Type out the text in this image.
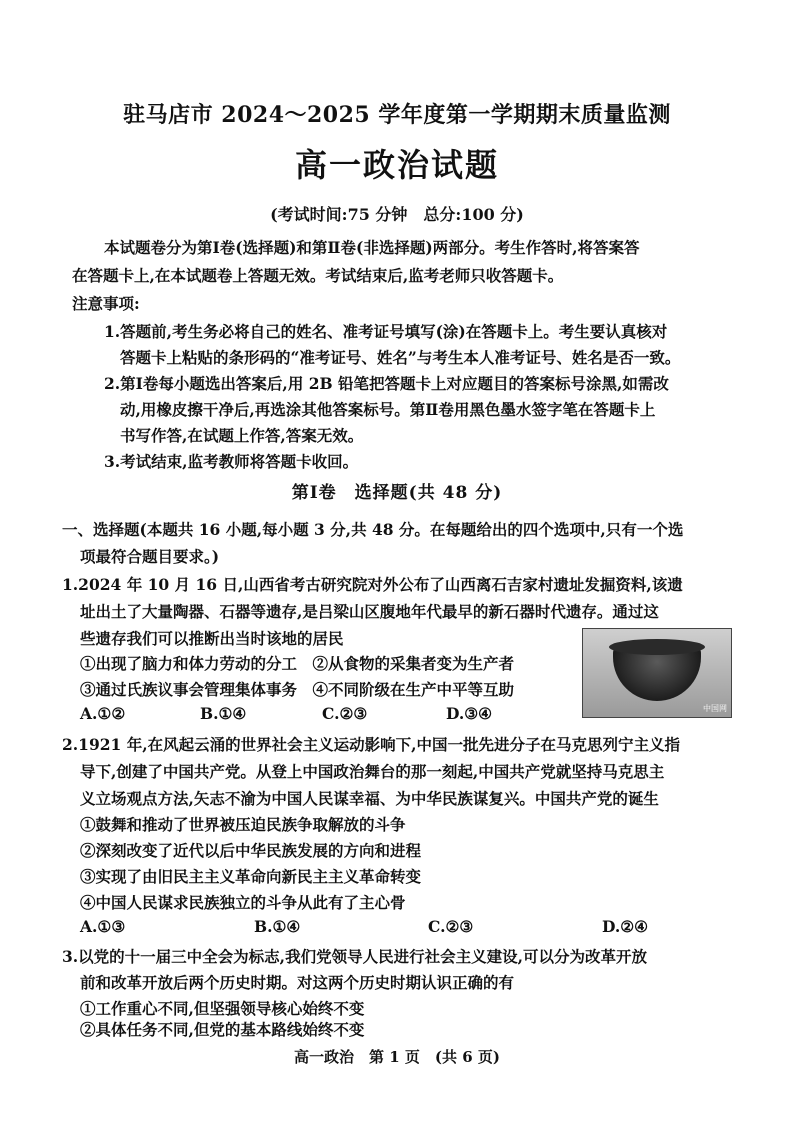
驻马店市 2024～2025 学年度第一学期期末质量监测
高一政治试题
(考试时间:75 分钟　总分:100 分)
本试题卷分为第Ⅰ卷(选择题)和第Ⅱ卷(非选择题)两部分。考生作答时,将答案答
在答题卡上,在本试题卷上答题无效。考试结束后,监考老师只收答题卡。
注意事项:
1.答题前,考生务必将自己的姓名、准考证号填写(涂)在答题卡上。考生要认真核对
答题卡上粘贴的条形码的“准考证号、姓名”与考生本人准考证号、姓名是否一致。
2.第Ⅰ卷每小题选出答案后,用 2B 铅笔把答题卡上对应题目的答案标号涂黑,如需改
动,用橡皮擦干净后,再选涂其他答案标号。第Ⅱ卷用黑色墨水签字笔在答题卡上
书写作答,在试题上作答,答案无效。
3.考试结束,监考教师将答题卡收回。
第Ⅰ卷　选择题(共 48 分)
一、选择题(本题共 16 小题,每小题 3 分,共 48 分。在每题给出的四个选项中,只有一个选
项最符合题目要求。)
1.2024 年 10 月 16 日,山西省考古研究院对外公布了山西离石吉家村遗址发掘资料,该遗
址出土了大量陶器、石器等遗存,是吕梁山区腹地年代最早的新石器时代遗存。通过这
些遗存我们可以推断出当时该地的居民
①出现了脑力和体力劳动的分工　②从食物的采集者变为生产者
③通过氏族议事会管理集体事务　④不同阶级在生产中平等互助
A.①②	B.①④	C.②③	D.③④	中国网
2.1921 年,在风起云涌的世界社会主义运动影响下,中国一批先进分子在马克思列宁主义指
导下,创建了中国共产党。从登上中国政治舞台的那一刻起,中国共产党就坚持马克思主
义立场观点方法,矢志不渝为中国人民谋幸福、为中华民族谋复兴。中国共产党的诞生
①鼓舞和推动了世界被压迫民族争取解放的斗争
②深刻改变了近代以后中华民族发展的方向和进程
③实现了由旧民主主义革命向新民主主义革命转变
④中国人民谋求民族独立的斗争从此有了主心骨
A.①③	B.①④	C.②③	D.②④
3.以党的十一届三中全会为标志,我们党领导人民进行社会主义建设,可以分为改革开放
前和改革开放后两个历史时期。对这两个历史时期认识正确的有
①工作重心不同,但坚强领导核心始终不变
②具体任务不同,但党的基本路线始终不变
高一政治　第 1 页　(共 6 页)
